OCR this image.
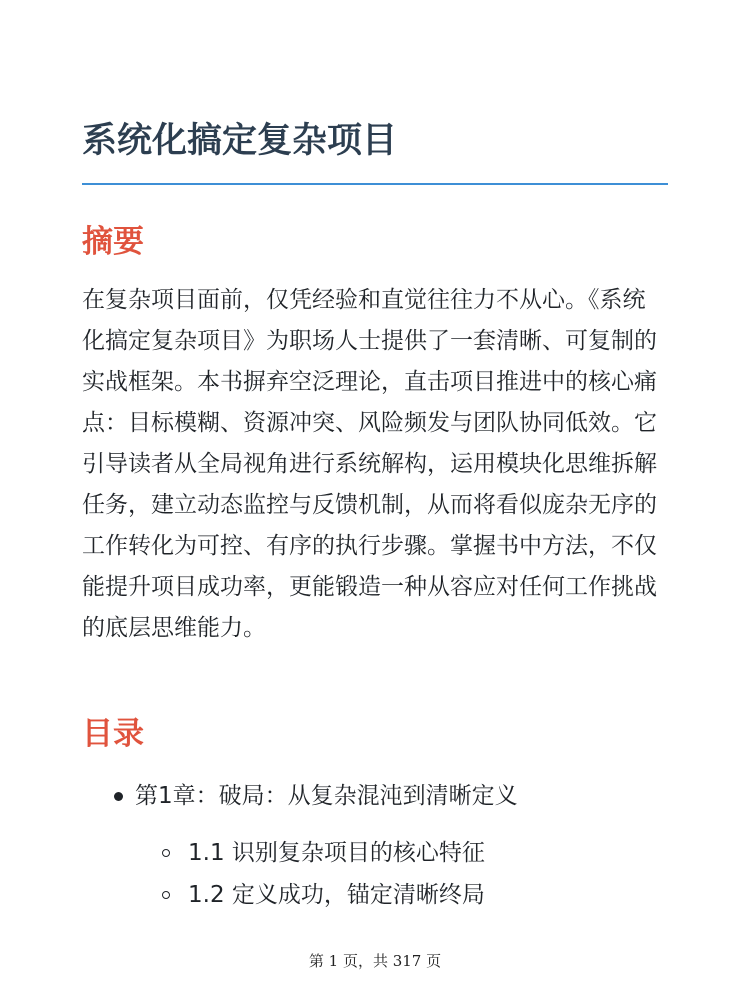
系统化搞定复杂项目
摘要

在复杂项目面前，仅凭经验和直觉往往力不从心。《系统化搞定复杂项目》为职场人士提供了一套清晰、可复制的实战框架。本书摒弃空泛理论，直击项目推进中的核心痛点：目标模糊、资源冲突、风险频发与团队协同低效。它引导读者从全局视角进行系统解构，运用模块化思维拆解任务，建立动态监控与反馈机制，从而将看似庞杂无序的工作转化为可控、有序的执行步骤。掌握书中方法，不仅能提升项目成功率，更能锻造一种从容应对任何工作挑战的底层思维能力。

目录
第1章：破局：从复杂混沌到清晰定义
1.1 识别复杂项目的核心特征
1.2 定义成功，锚定清晰终局
第 1 页，共 317 页
